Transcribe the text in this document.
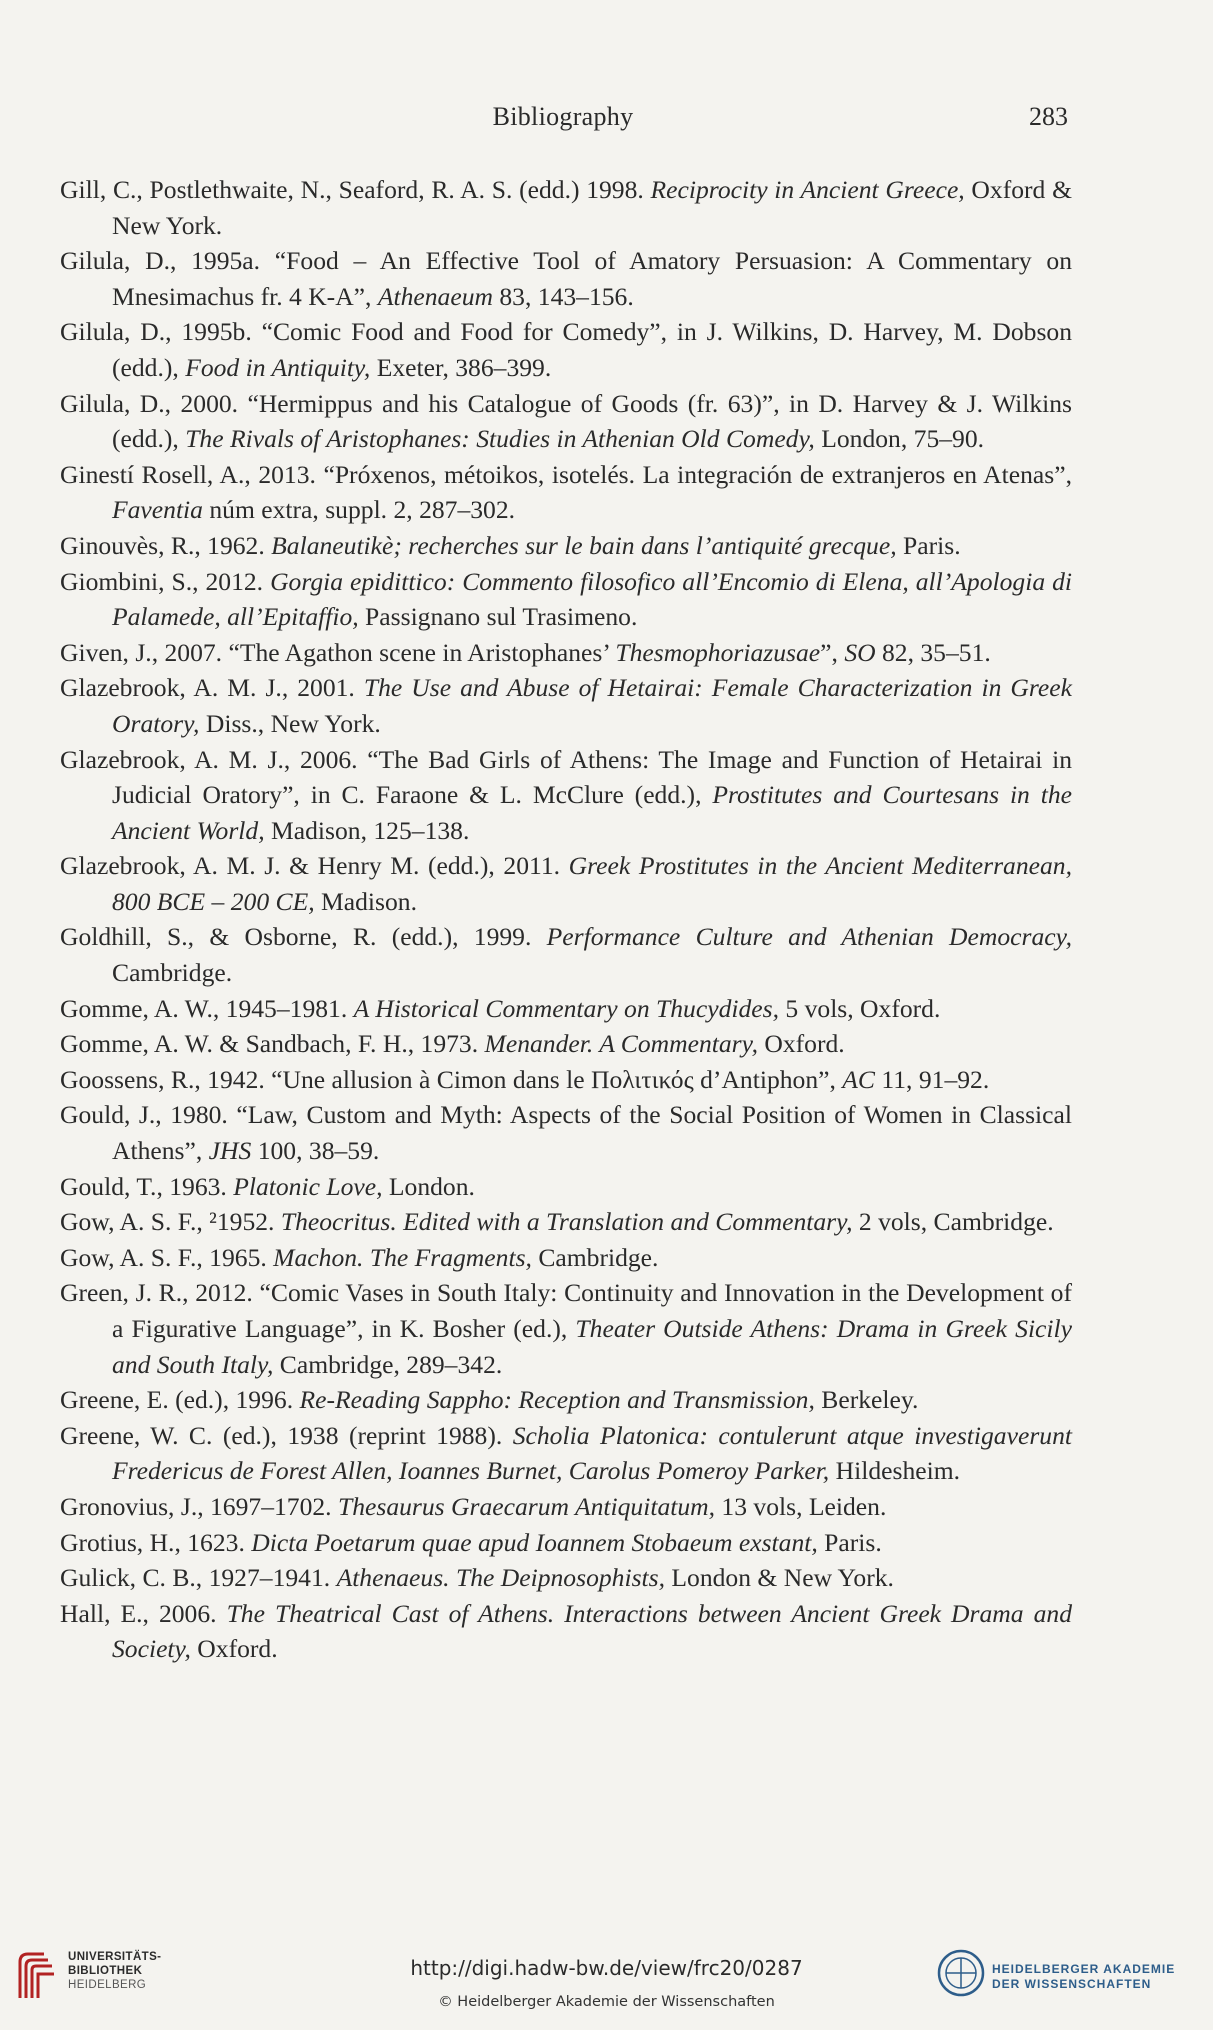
Bibliography	283
Gill, C., Postlethwaite, N., Seaford, R. A. S. (edd.) 1998. Reciprocity in Ancient Greece, Oxford & New York.
Gilula, D., 1995a. “Food – An Effective Tool of Amatory Persuasion: A Commentary on Mnesimachus fr. 4 K-A”, Athenaeum 83, 143–156.
Gilula, D., 1995b. “Comic Food and Food for Comedy”, in J. Wilkins, D. Harvey, M. Dobson (edd.), Food in Antiquity, Exeter, 386–399.
Gilula, D., 2000. “Hermippus and his Catalogue of Goods (fr. 63)”, in D. Harvey & J. Wilkins (edd.), The Rivals of Aristophanes: Studies in Athenian Old Comedy, London, 75–90.
Ginestí Rosell, A., 2013. “Próxenos, métoikos, isotelés. La integración de extranjeros en Atenas”, Faventia núm extra, suppl. 2, 287–302.
Ginouvès, R., 1962. Balaneutikè; recherches sur le bain dans l’antiquité grecque, Paris.
Giombini, S., 2012. Gorgia epidittico: Commento filosofico all’Encomio di Elena, all’Apologia di Palamede, all’Epitaffio, Passignano sul Trasimeno.
Given, J., 2007. “The Agathon scene in Aristophanes’ Thesmophoriazusae”, SO 82, 35–51.
Glazebrook, A. M. J., 2001. The Use and Abuse of Hetairai: Female Characterization in Greek Oratory, Diss., New York.
Glazebrook, A. M. J., 2006. “The Bad Girls of Athens: The Image and Function of Hetairai in Judicial Oratory”, in C. Faraone & L. McClure (edd.), Prostitutes and Courtesans in the Ancient World, Madison, 125–138.
Glazebrook, A. M. J. & Henry M. (edd.), 2011. Greek Prostitutes in the Ancient Mediterranean, 800 BCE – 200 CE, Madison.
Goldhill, S., & Osborne, R. (edd.), 1999. Performance Culture and Athenian Democracy, Cambridge.
Gomme, A. W., 1945–1981. A Historical Commentary on Thucydides, 5 vols, Oxford.
Gomme, A. W. & Sandbach, F. H., 1973. Menander. A Commentary, Oxford.
Goossens, R., 1942. “Une allusion à Cimon dans le Πολιτικός d’Antiphon”, AC 11, 91–92.
Gould, J., 1980. “Law, Custom and Myth: Aspects of the Social Position of Women in Classical Athens”, JHS 100, 38–59.
Gould, T., 1963. Platonic Love, London.
Gow, A. S. F., ²1952. Theocritus. Edited with a Translation and Commentary, 2 vols, Cambridge.
Gow, A. S. F., 1965. Machon. The Fragments, Cambridge.
Green, J. R., 2012. “Comic Vases in South Italy: Continuity and Innovation in the Development of a Figurative Language”, in K. Bosher (ed.), Theater Outside Athens: Drama in Greek Sicily and South Italy, Cambridge, 289–342.
Greene, E. (ed.), 1996. Re-Reading Sappho: Reception and Transmission, Berkeley.
Greene, W. C. (ed.), 1938 (reprint 1988). Scholia Platonica: contulerunt atque investigaverunt Fredericus de Forest Allen, Ioannes Burnet, Carolus Pomeroy Parker, Hildesheim.
Gronovius, J., 1697–1702. Thesaurus Graecarum Antiquitatum, 13 vols, Leiden.
Grotius, H., 1623. Dicta Poetarum quae apud Ioannem Stobaeum exstant, Paris.
Gulick, C. B., 1927–1941. Athenaeus. The Deipnosophists, London & New York.
Hall, E., 2006. The Theatrical Cast of Athens. Interactions between Ancient Greek Drama and Society, Oxford.
UNIVERSITÄTS-
BIBLIOTHEK
HEIDELBERG
http://digi.hadw-bw.de/view/frc20/0287
© Heidelberger Akademie der Wissenschaften
HEIDELBERGER AKADEMIE
DER WISSENSCHAFTEN
